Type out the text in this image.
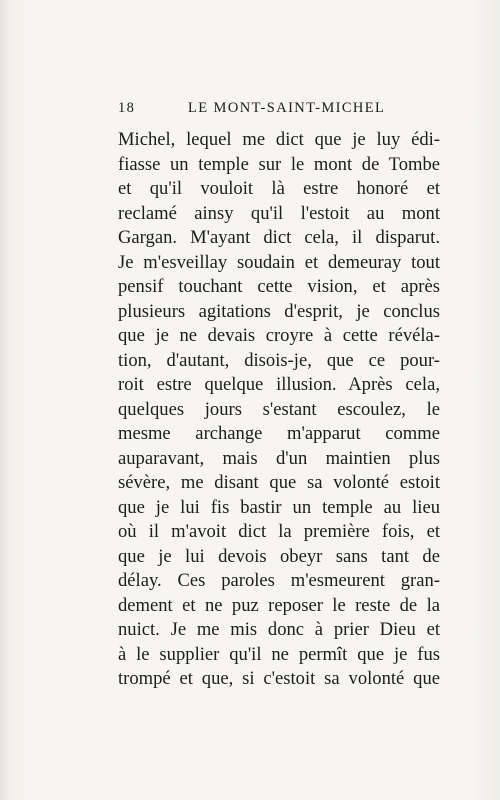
18	LE MONT-SAINT-MICHEL
Michel, lequel me dict que je luy édi-
fiasse un temple sur le mont de Tombe
et qu'il vouloit là estre honoré et
reclamé ainsy qu'il l'estoit au mont
Gargan. M'ayant dict cela, il disparut.
Je m'esveillay soudain et demeuray tout
pensif touchant cette vision, et après
plusieurs agitations d'esprit, je conclus
que je ne devais croyre à cette révéla-
tion, d'autant, disois-je, que ce pour-
roit estre quelque illusion. Après cela,
quelques jours s'estant escoulez, le
mesme archange m'apparut comme
auparavant, mais d'un maintien plus
sévère, me disant que sa volonté estoit
que je lui fis bastir un temple au lieu
où il m'avoit dict la première fois, et
que je lui devois obeyr sans tant de
délay. Ces paroles m'esmeurent gran-
dement et ne puz reposer le reste de la
nuict. Je me mis donc à prier Dieu et
à le supplier qu'il ne permît que je fus
trompé et que, si c'estoit sa volonté que
